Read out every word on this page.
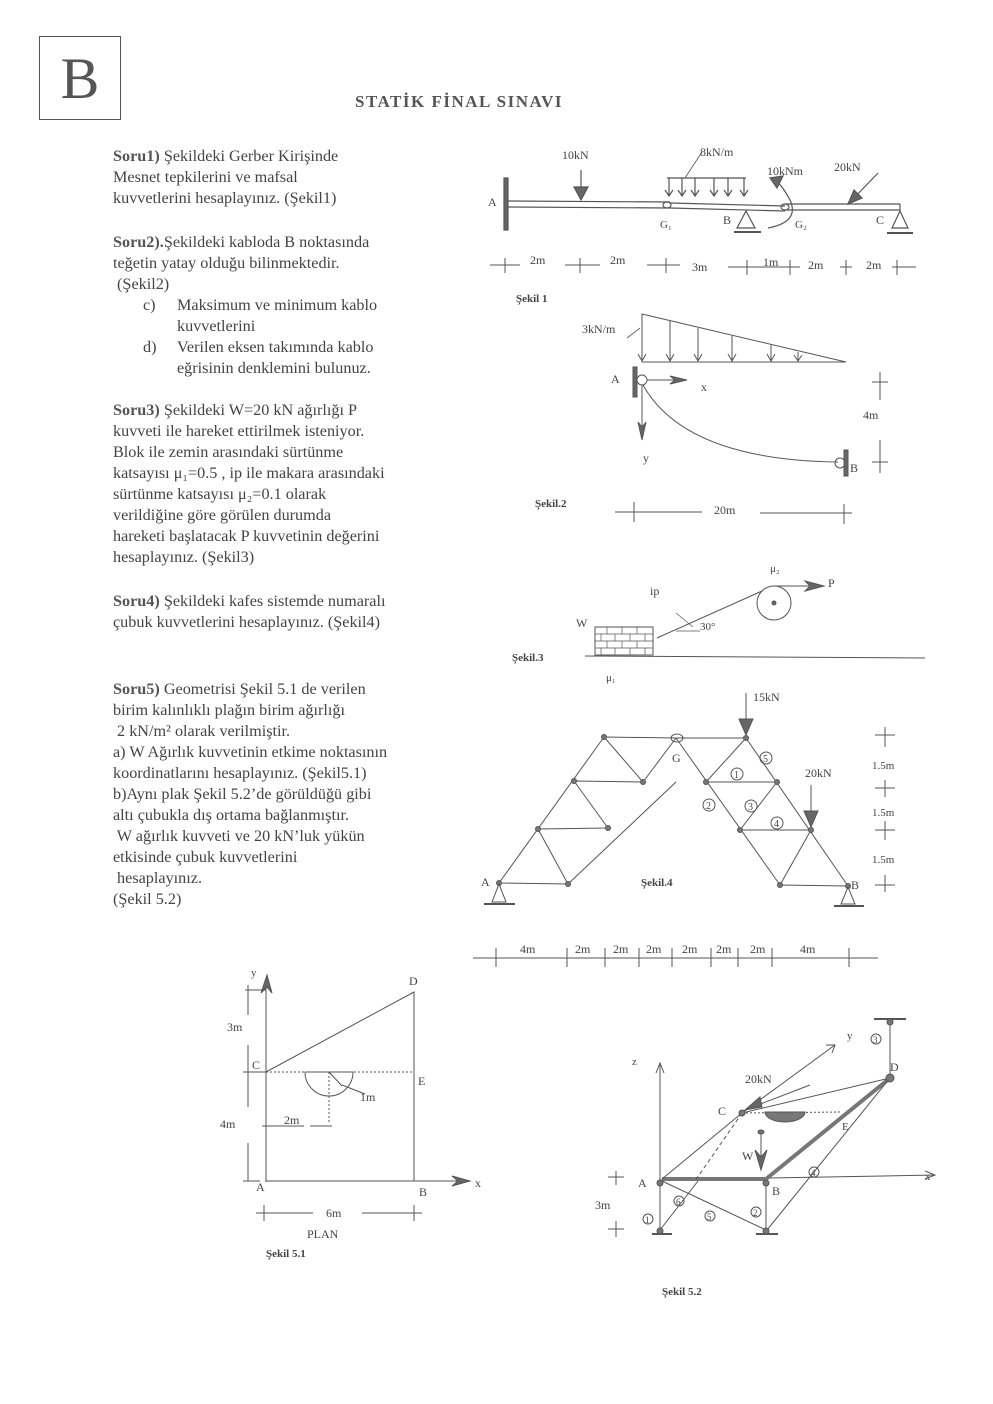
B	STATİK FİNAL SINAVI
Soru1) Şekildeki Gerber Kirişinde
Mesnet tepkilerini ve mafsal
kuvvetlerini hesaplayınız. (Şekil1)
Soru2).Şekildeki kabloda B noktasında
teğetin yatay olduğu bilinmektedir.
(Şekil2)
c)	Maksimum ve minimum kablo kuvvetlerini
d)	Verilen eksen takımında kablo eğrisinin denklemini bulunuz.
Soru3) Şekildeki W=20 kN ağırlığı P
kuvveti ile hareket ettirilmek isteniyor.
Blok ile zemin arasındaki sürtünme
katsayısı μ₁=0.5 , ip ile makara arasındaki
sürtünme katsayısı μ₂=0.1 olarak
verildiğine göre görülen durumda
hareketi başlatacak P kuvvetinin değerini
hesaplayınız. (Şekil3)
Soru4) Şekildeki kafes sistemde numaralı
çubuk kuvvetlerini hesaplayınız. (Şekil4)
Soru5) Geometrisi Şekil 5.1 de verilen
birim kalınlıklı plağın birim ağırlığı
2 kN/m² olarak verilmiştir.
a) W Ağırlık kuvvetinin etkime noktasının
koordinatlarını hesaplayınız. (Şekil5.1)
b)Aynı plak Şekil 5.2’de görüldüğü gibi
altı çubukla dış ortama bağlanmıştır.
W ağırlık kuvveti ve 20 kN’luk yükün
etkisinde çubuk kuvvetlerini
hesaplayınız.
(Şekil 5.2)
A
G₁	B	G₂	C
10kN	8kN/m
10kNm	20kN
2m	2m	3m	1m 2m	2m
Şekil 1
3kN/m
A
x
y
B
4m
20m
Şekil.2
W
ip
30°
μ₁
μ₂
P
Şekil.3
A	B
G
15kN
20kN
1
2	3
4
5
1.5m
1.5m
1.5m
Şekil.4
4m	2m 2m 2m 2m 2m 2m	4m
y
x
A	B
C
D
E
3m
4m	2m
1m
6m
PLAN
Şekil 5.1
z
x
y
A
B
C
D
E
W
20kN
3m
1
2
3
4
5
6
Şekil 5.2
